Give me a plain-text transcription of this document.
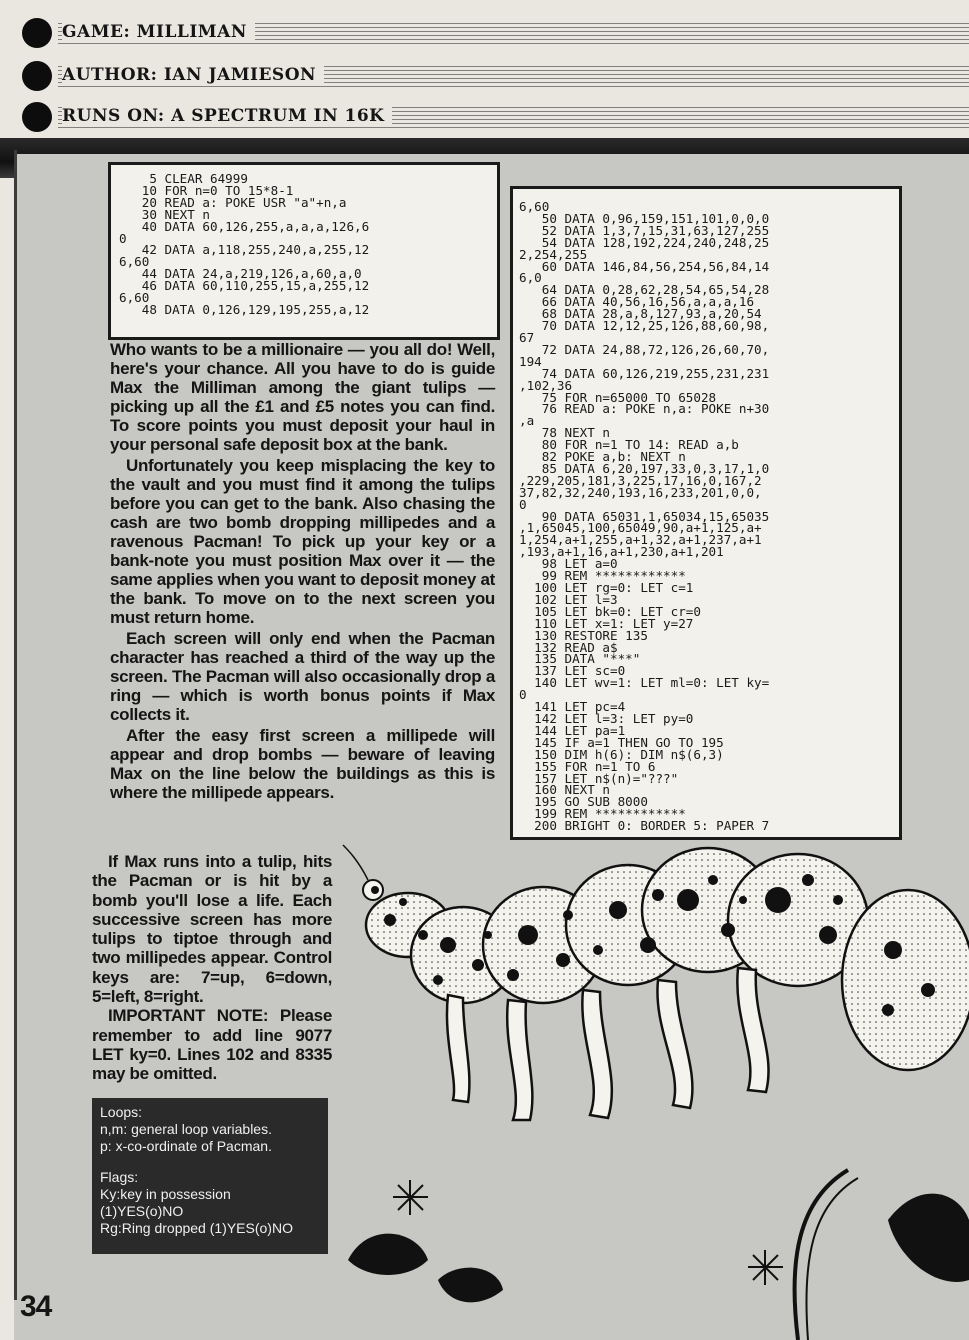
GAME: MILLIMAN
AUTHOR: IAN JAMIESON
RUNS ON: A SPECTRUM IN 16K
5 CLEAR 64999
10 FOR n=0 TO 15*8-1
20 READ a: POKE USR "a"+n,a
30 NEXT n
40 DATA 60,126,255,a,a,a,126,6
0
42 DATA a,118,255,240,a,255,12
6,60
44 DATA 24,a,219,126,a,60,a,0
46 DATA 60,110,255,15,a,255,12
6,60
48 DATA 0,126,129,195,255,a,12
6,60
50 DATA 0,96,159,151,101,0,0,0
52 DATA 1,3,7,15,31,63,127,255
54 DATA 128,192,224,240,248,25
2,254,255
60 DATA 146,84,56,254,56,84,14
6,0
64 DATA 0,28,62,28,54,65,54,28
66 DATA 40,56,16,56,a,a,a,16
68 DATA 28,a,8,127,93,a,20,54
70 DATA 12,12,25,126,88,60,98,
67
72 DATA 24,88,72,126,26,60,70,
194
74 DATA 60,126,219,255,231,231
,102,36
75 FOR n=65000 TO 65028
76 READ a: POKE n,a: POKE n+30
,a
78 NEXT n
80 FOR n=1 TO 14: READ a,b
82 POKE a,b: NEXT n
85 DATA 6,20,197,33,0,3,17,1,0
,229,205,181,3,225,17,16,0,167,2
37,82,32,240,193,16,233,201,0,0,
0
90 DATA 65031,1,65034,15,65035
,1,65045,100,65049,90,a+1,125,a+
1,254,a+1,255,a+1,32,a+1,237,a+1
,193,a+1,16,a+1,230,a+1,201
98 LET a=0
99 REM ************
100 LET rg=0: LET c=1
102 LET l=3
105 LET bk=0: LET cr=0
110 LET x=1: LET y=27
130 RESTORE 135
132 READ a$
135 DATA "***"
137 LET sc=0
140 LET wv=1: LET ml=0: LET ky=
0
141 LET pc=4
142 LET l=3: LET py=0
144 LET pa=1
145 IF a=1 THEN GO TO 195
150 DIM h(6): DIM n$(6,3)
155 FOR n=1 TO 6
157 LET n$(n)="???"
160 NEXT n
195 GO SUB 8000
199 REM ************
200 BRIGHT 0: BORDER 5: PAPER 7

Who wants to be a millionaire — you all do! Well, here's your chance. All you have to do is guide Max the Milliman among the giant tulips — picking up all the £1 and £5 notes you can find. To score points you must deposit your haul in your personal safe deposit box at the bank.

Unfortunately you keep misplacing the key to the vault and you must find it among the tulips before you can get to the bank. Also chasing the cash are two bomb dropping millipedes and a ravenous Pacman! To pick up your key or a bank-note you must position Max over it — the same applies when you want to deposit money at the bank. To move on to the next screen you must return home.

Each screen will only end when the Pacman character has reached a third of the way up the screen. The Pacman will also occasionally drop a ring — which is worth bonus points if Max collects it.

After the easy first screen a millipede will appear and drop bombs — beware of leaving Max on the line below the buildings as this is where the millipede appears.

If Max runs into a tulip, hits the Pacman or is hit by a bomb you'll lose a life. Each successive screen has more tulips to tiptoe through and two millipedes appear. Control keys are: 7=up, 6=down, 5=left, 8=right.

IMPORTANT NOTE: Please remember to add line 9077 LET ky=0. Lines 102 and 8335 may be omitted.

Loops:
n,m: general loop variables.
p: x-co-ordinate of Pacman.
Flags:
Ky:key in possession
(1)YES(o)NO
Rg:Ring dropped (1)YES(o)NO
34
